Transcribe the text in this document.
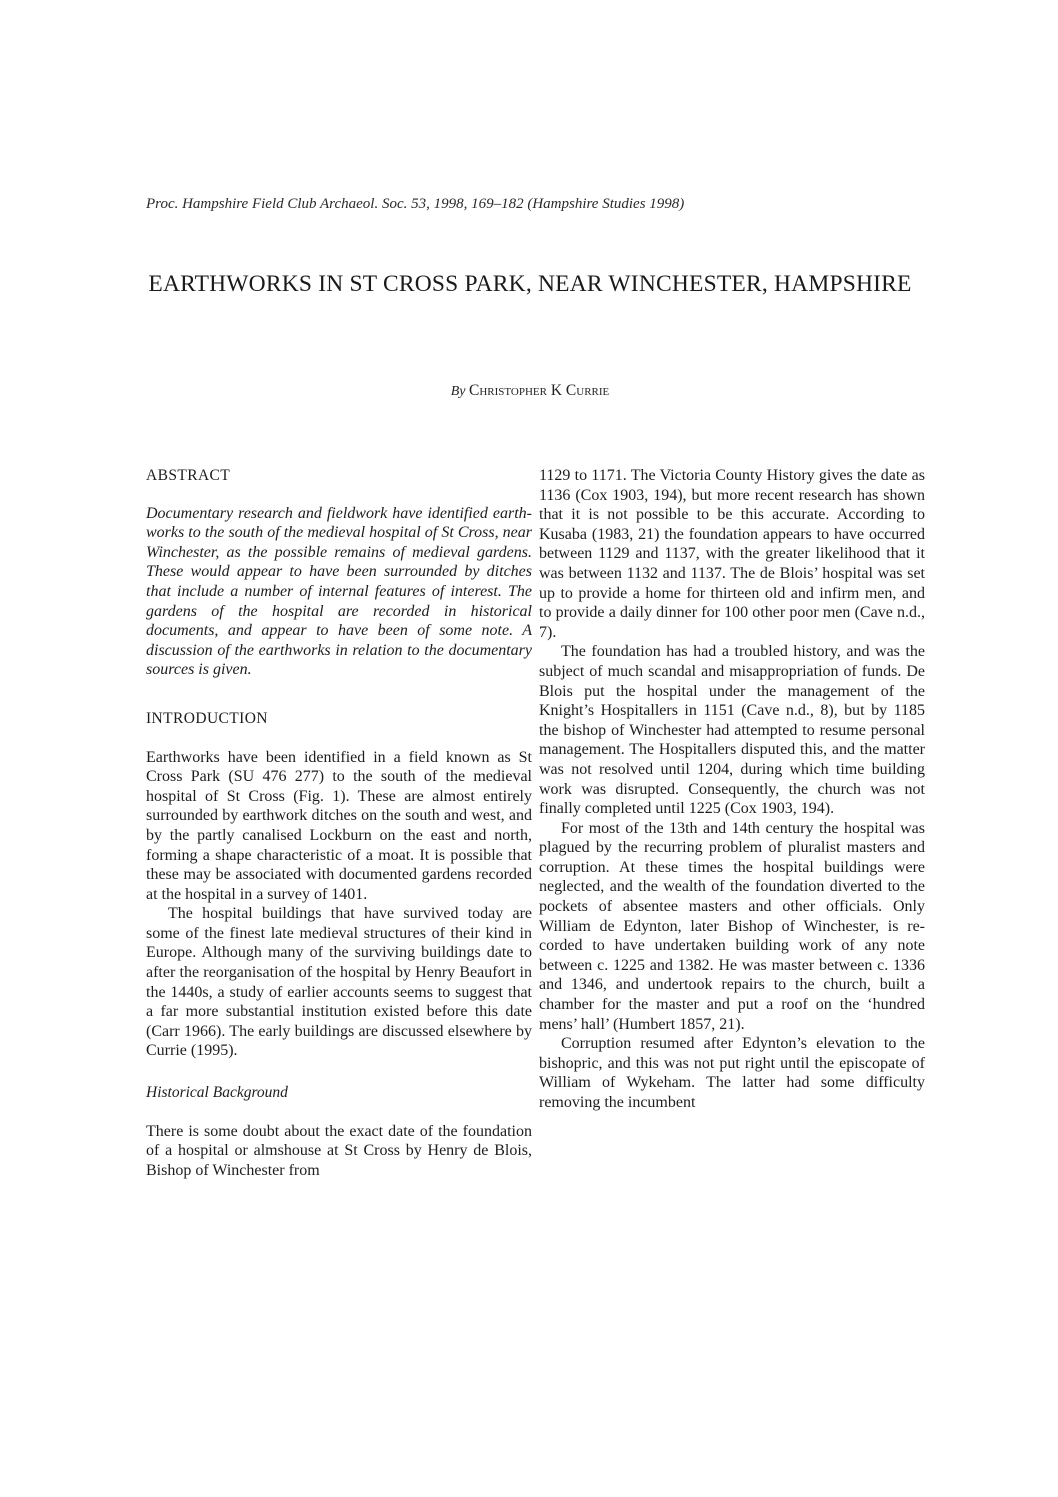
Proc. Hampshire Field Club Archaeol. Soc. 53, 1998, 169–182 (Hampshire Studies 1998)
EARTHWORKS IN ST CROSS PARK, NEAR WINCHESTER, HAMPSHIRE
By Christopher K Currie
ABSTRACT

Documentary research and fieldwork have identified earthworks to the south of the medieval hospital of St Cross, near Winchester, as the possible remains of medieval gardens. These would appear to have been surrounded by ditches that include a number of internal features of interest. The gardens of the hospital are recorded in historical documents, and appear to have been of some note. A discussion of the earthworks in relation to the documentary sources is given.

INTRODUCTION

Earthworks have been identified in a field known as St Cross Park (SU 476 277) to the south of the medieval hospital of St Cross (Fig. 1). These are almost entirely surrounded by earthwork ditches on the south and west, and by the partly canalised Lockburn on the east and north, forming a shape characteristic of a moat. It is possible that these may be associated with documented gardens recorded at the hospital in a survey of 1401.

The hospital buildings that have survived today are some of the finest late medieval structures of their kind in Europe. Although many of the surviving buildings date to after the reorganisation of the hospital by Henry Beaufort in the 1440s, a study of earlier accounts seems to suggest that a far more substantial institution existed before this date (Carr 1966). The early buildings are discussed elsewhere by Currie (1995).

Historical Background

There is some doubt about the exact date of the foundation of a hospital or almshouse at St Cross by Henry de Blois, Bishop of Winchester from

1129 to 1171. The Victoria County History gives the date as 1136 (Cox 1903, 194), but more recent research has shown that it is not possible to be this accurate. According to Kusaba (1983, 21) the foundation appears to have occurred between 1129 and 1137, with the greater likelihood that it was between 1132 and 1137. The de Blois’ hospital was set up to provide a home for thirteen old and infirm men, and to provide a daily dinner for 100 other poor men (Cave n.d., 7).

The foundation has had a troubled history, and was the subject of much scandal and misappropriation of funds. De Blois put the hospital under the management of the Knight’s Hospitallers in 1151 (Cave n.d., 8), but by 1185 the bishop of Winchester had attempted to resume personal management. The Hospitallers disputed this, and the matter was not resolved until 1204, during which time building work was disrupted. Consequently, the church was not finally completed until 1225 (Cox 1903, 194).

For most of the 13th and 14th century the hospital was plagued by the recurring problem of pluralist masters and corruption. At these times the hospital buildings were neglected, and the wealth of the foundation diverted to the pockets of absentee masters and other officials. Only William de Edynton, later Bishop of Winchester, is recorded to have undertaken building work of any note between c. 1225 and 1382. He was master between c. 1336 and 1346, and undertook repairs to the church, built a chamber for the master and put a roof on the ‘hundred mens’ hall’ (Humbert 1857, 21).

Corruption resumed after Edynton’s elevation to the bishopric, and this was not put right until the episcopate of William of Wykeham. The latter had some difficulty removing the incumbent
